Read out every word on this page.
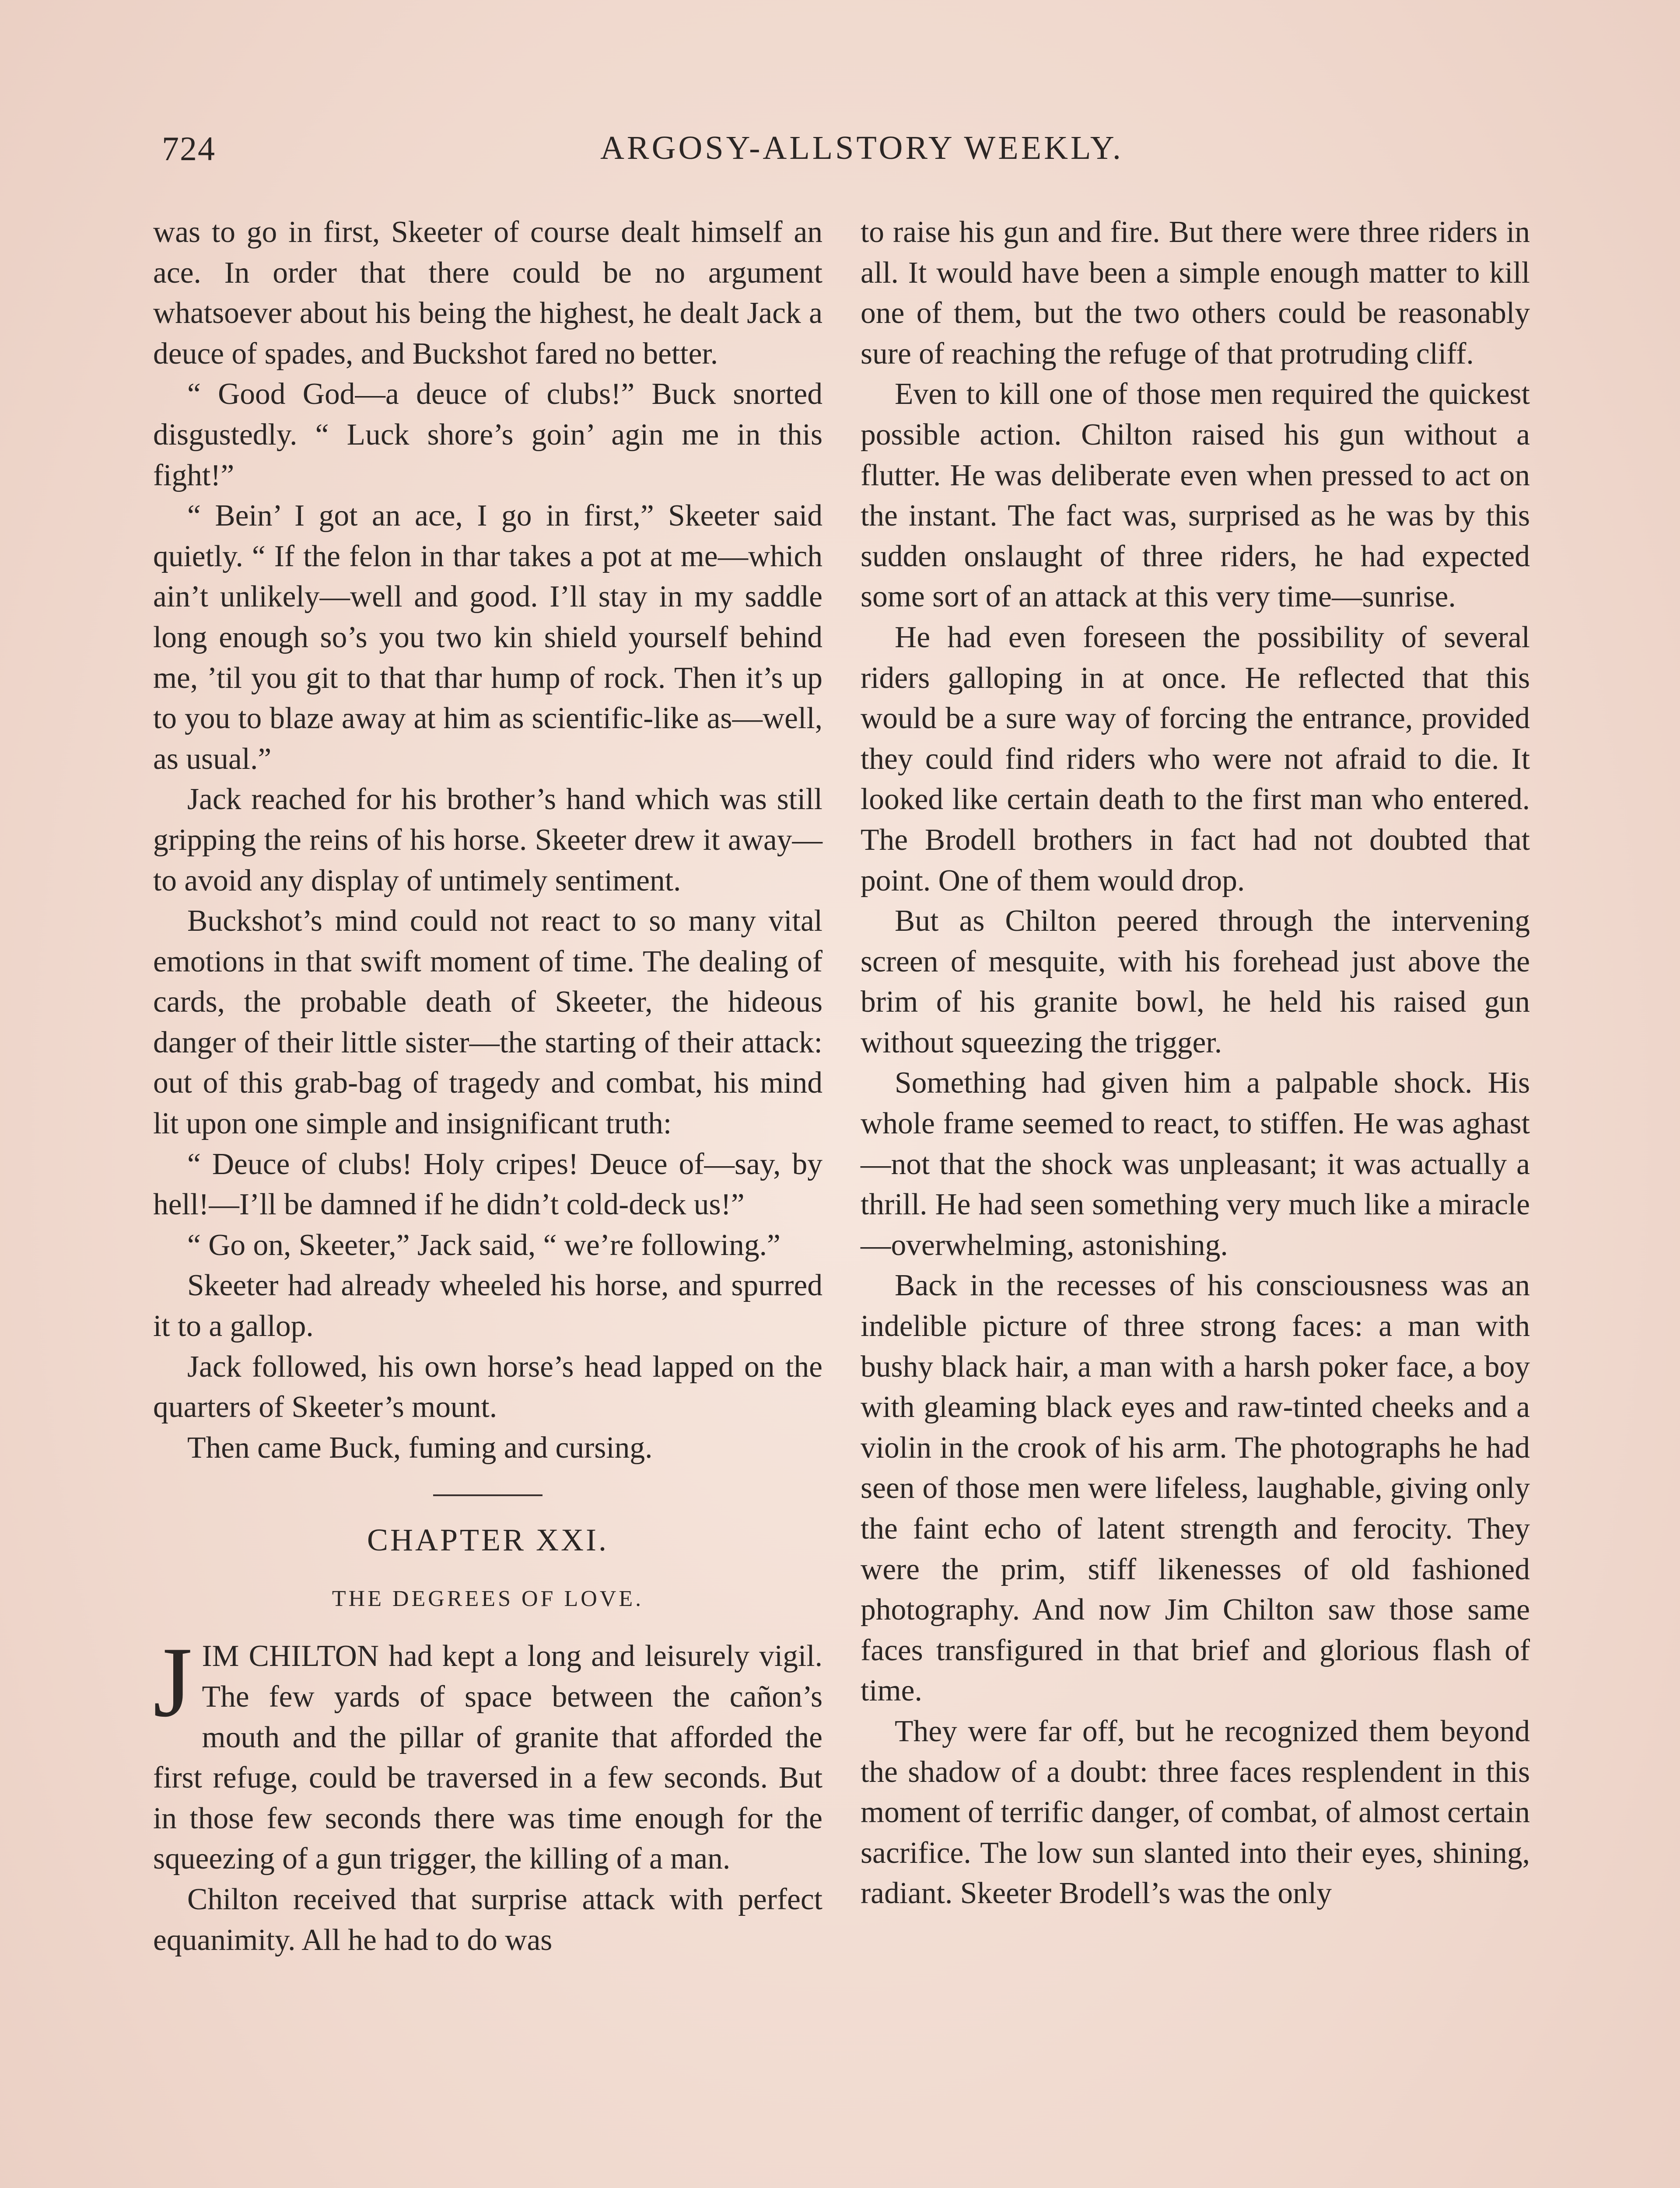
724	ARGOSY-ALLSTORY WEEKLY.

was to go in first, Skeeter of course dealt himself an ace. In order that there could be no argument whatsoever about his being the highest, he dealt Jack a deuce of spades, and Buckshot fared no better.

“ Good God—a deuce of clubs!” Buck snorted disgustedly. “ Luck shore’s goin’ agin me in this fight!”

“ Bein’ I got an ace, I go in first,” Skeeter said quietly. “ If the felon in thar takes a pot at me—which ain’t unlikely—well and good. I’ll stay in my saddle long enough so’s you two kin shield yourself behind me, ’til you git to that thar hump of rock. Then it’s up to you to blaze away at him as scientific-like as—well, as usual.”

Jack reached for his brother’s hand which was still gripping the reins of his horse. Skeeter drew it away—to avoid any display of untimely sentiment.

Buckshot’s mind could not react to so many vital emotions in that swift moment of time. The dealing of cards, the probable death of Skeeter, the hideous danger of their little sister—the starting of their attack: out of this grab-bag of tragedy and combat, his mind lit upon one simple and insignificant truth:

“ Deuce of clubs! Holy cripes! Deuce of—say, by hell!—I’ll be damned if he didn’t cold-deck us!”

“ Go on, Skeeter,” Jack said, “ we’re following.”

Skeeter had already wheeled his horse, and spurred it to a gallop.

Jack followed, his own horse’s head lapped on the quarters of Skeeter’s mount.

Then came Buck, fuming and cursing.

CHAPTER XXI.
THE DEGREES OF LOVE.

JIM CHILTON had kept a long and leisurely vigil. The few yards of space between the cañon’s mouth and the pillar of granite that afforded the first refuge, could be traversed in a few seconds. But in those few seconds there was time enough for the squeezing of a gun trigger, the killing of a man.

Chilton received that surprise attack with perfect equanimity. All he had to do was

to raise his gun and fire. But there were three riders in all. It would have been a simple enough matter to kill one of them, but the two others could be reasonably sure of reaching the refuge of that protruding cliff.

Even to kill one of those men required the quickest possible action. Chilton raised his gun without a flutter. He was deliberate even when pressed to act on the instant. The fact was, surprised as he was by this sudden onslaught of three riders, he had expected some sort of an attack at this very time—sunrise.

He had even foreseen the possibility of several riders galloping in at once. He reflected that this would be a sure way of forcing the entrance, provided they could find riders who were not afraid to die. It looked like certain death to the first man who entered. The Brodell brothers in fact had not doubted that point. One of them would drop.

But as Chilton peered through the intervening screen of mesquite, with his forehead just above the brim of his granite bowl, he held his raised gun without squeezing the trigger.

Something had given him a palpable shock. His whole frame seemed to react, to stiffen. He was aghast—not that the shock was unpleasant; it was actually a thrill. He had seen something very much like a miracle—overwhelming, astonishing.

Back in the recesses of his consciousness was an indelible picture of three strong faces: a man with bushy black hair, a man with a harsh poker face, a boy with gleaming black eyes and raw-tinted cheeks and a violin in the crook of his arm. The photographs he had seen of those men were lifeless, laughable, giving only the faint echo of latent strength and ferocity. They were the prim, stiff likenesses of old fashioned photography. And now Jim Chilton saw those same faces transfigured in that brief and glorious flash of time.

They were far off, but he recognized them beyond the shadow of a doubt: three faces resplendent in this moment of terrific danger, of combat, of almost certain sacrifice. The low sun slanted into their eyes, shining, radiant. Skeeter Brodell’s was the only
